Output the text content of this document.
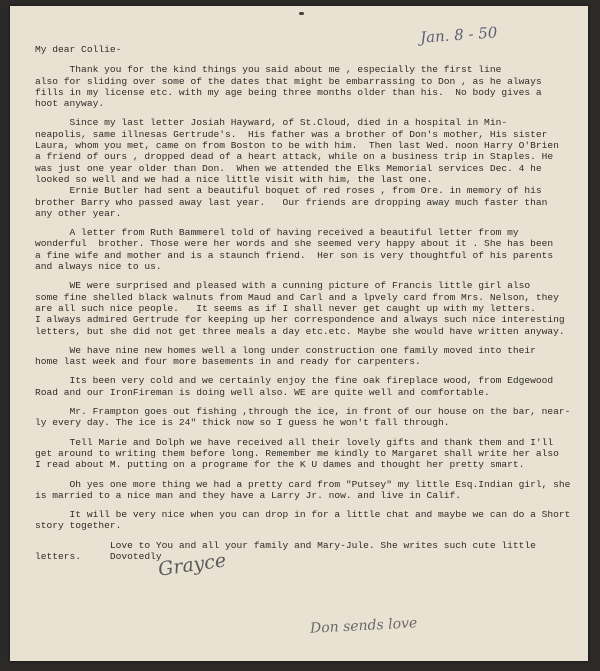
Jan. 8 - 50
My dear Collie-
Thank you for the kind things you said about me , especially the first line
also for sliding over some of the dates that might be embarrassing to Don , as he always
fills in my license etc. with my age being three months older than his.  No body gives a
hoot anyway.
Since my last letter Josiah Hayward, of St.Cloud, died in a hospital in Min-
neapolis, same illnesas Gertrude's.  His father was a brother of Don's mother, His sister
Laura, whom you met, came on from Boston to be with him.  Then last Wed. noon Harry O'Brien
a friend of ours , dropped dead of a heart attack, while on a business trip in Staples. He
was just one year older than Don.  When we attended the Elks Memorial services Dec. 4 he
looked so well and we had a nice little visit with him, the last one.
Ernie Butler had sent a beautiful boquet of red roses , from Ore. in memory of his
brother Barry who passed away last year.   Our friends are dropping away much faster than
any other year.
A letter from Ruth Bammerel told of having received a beautiful letter from my
wonderful  brother. Those were her words and she seemed very happy about it . She has been
a fine wife and mother and is a staunch friend.  Her son is very thoughtful of his parents
and always nice to us.
WE were surprised and pleased with a cunning picture of Francis little girl also
some fine shelled black walnuts from Maud and Carl and a lpvely card from Mrs. Nelson, they
are all such nice people.   It seems as if I shall never get caught up with my letters.
I always admired Gertrude for keeping up her correspondence and always such nice interesting
letters, but she did not get three meals a day etc.etc. Maybe she would have written anyway.
We have nine new homes well a long under construction one family moved into their
home last week and four more basements in and ready for carpenters.
Its been very cold and we certainly enjoy the fine oak fireplace wood, from Edgewood
Road and our IronFireman is doing well also. WE are quite well and comfortable.
Mr. Frampton goes out fishing ,through the ice, in front of our house on the bar, near-
ly every day. The ice is 24" thick now so I guess he won't fall through.
Tell Marie and Dolph we have received all their lovely gifts and thank them and I'll
get around to writing them before long. Remember me kindly to Margaret shall write her also
I read about M. putting on a programe for the K U dames and thought her pretty smart.
Oh yes one more thing we had a pretty card from "Putsey" my little Esq.Indian girl, she
is married to a nice man and they have a Larry Jr. now. and live in Calif.
It will be very nice when you can drop in for a little chat and maybe we can do a Short
story together.
Love to You and all your family and Mary-Jule. She writes such cute little
letters.     Dovotedly
Grayce
Don sends love
